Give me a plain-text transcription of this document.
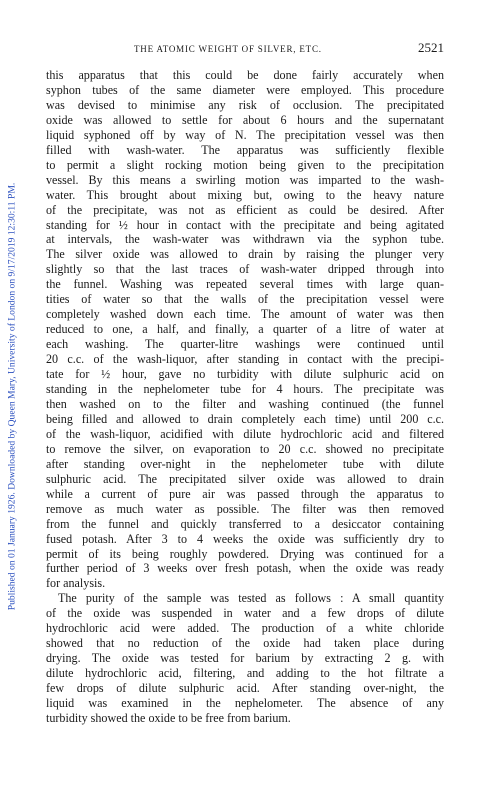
Published on 01 January 1926. Downloaded by Queen Mary, University of London on 9/17/2019 12:30:11 PM.
THE ATOMIC WEIGHT OF SILVER, ETC.	2521
this apparatus that this could be done fairly accurately when
syphon tubes of the same diameter were employed. This procedure
was devised to minimise any risk of occlusion. The precipitated
oxide was allowed to settle for about 6 hours and the supernatant
liquid syphoned off by way of N. The precipitation vessel was then
filled with wash-water. The apparatus was sufficiently flexible
to permit a slight rocking motion being given to the precipitation
vessel. By this means a swirling motion was imparted to the wash-
water. This brought about mixing but, owing to the heavy nature
of the precipitate, was not as efficient as could be desired. After
standing for ½ hour in contact with the precipitate and being agitated
at intervals, the wash-water was withdrawn via the syphon tube.
The silver oxide was allowed to drain by raising the plunger very
slightly so that the last traces of wash-water dripped through into
the funnel. Washing was repeated several times with large quan-
tities of water so that the walls of the precipitation vessel were
completely washed down each time. The amount of water was then
reduced to one, a half, and finally, a quarter of a litre of water at
each washing. The quarter-litre washings were continued until
20 c.c. of the wash-liquor, after standing in contact with the precipi-
tate for ½ hour, gave no turbidity with dilute sulphuric acid on
standing in the nephelometer tube for 4 hours. The precipitate was
then washed on to the filter and washing continued (the funnel
being filled and allowed to drain completely each time) until 200 c.c.
of the wash-liquor, acidified with dilute hydrochloric acid and filtered
to remove the silver, on evaporation to 20 c.c. showed no precipitate
after standing over-night in the nephelometer tube with dilute
sulphuric acid. The precipitated silver oxide was allowed to drain
while a current of pure air was passed through the apparatus to
remove as much water as possible. The filter was then removed
from the funnel and quickly transferred to a desiccator containing
fused potash. After 3 to 4 weeks the oxide was sufficiently dry to
permit of its being roughly powdered. Drying was continued for a
further period of 3 weeks over fresh potash, when the oxide was ready
for analysis.
The purity of the sample was tested as follows : A small quantity
of the oxide was suspended in water and a few drops of dilute
hydrochloric acid were added. The production of a white chloride
showed that no reduction of the oxide had taken place during
drying. The oxide was tested for barium by extracting 2 g. with
dilute hydrochloric acid, filtering, and adding to the hot filtrate a
few drops of dilute sulphuric acid. After standing over-night, the
liquid was examined in the nephelometer. The absence of any
turbidity showed the oxide to be free from barium.
